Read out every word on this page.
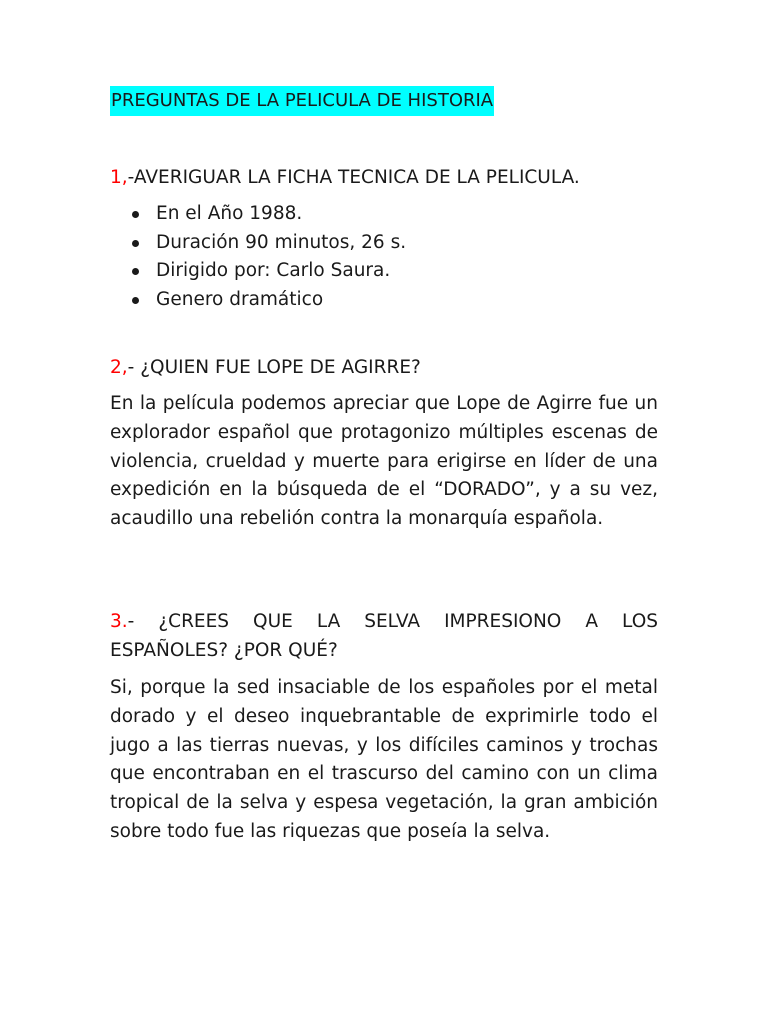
PREGUNTAS DE LA PELICULA DE HISTORIA
1,-AVERIGUAR LA FICHA TECNICA DE LA PELICULA.
En el Año 1988.
Duración 90 minutos, 26 s.
Dirigido por: Carlo Saura.
Genero dramático
2,- ¿QUIEN FUE LOPE DE AGIRRE?
En la película podemos apreciar que Lope de Agirre fue un explorador español que protagonizo múltiples escenas de violencia, crueldad y muerte para erigirse en líder de una expedición en la búsqueda de el “DORADO”, y a su vez, acaudillo una rebelión contra la monarquía española.
3.- ¿CREES QUE LA SELVA IMPRESIONO A LOS
ESPAÑOLES? ¿POR QUÉ?
Si, porque la sed insaciable de los españoles por el metal dorado y el deseo inquebrantable de exprimirle todo el jugo a las tierras nuevas, y los difíciles caminos y trochas que encontraban en el trascurso del camino con un clima tropical de la selva y espesa vegetación, la gran ambición sobre todo fue las riquezas que poseía la selva.
